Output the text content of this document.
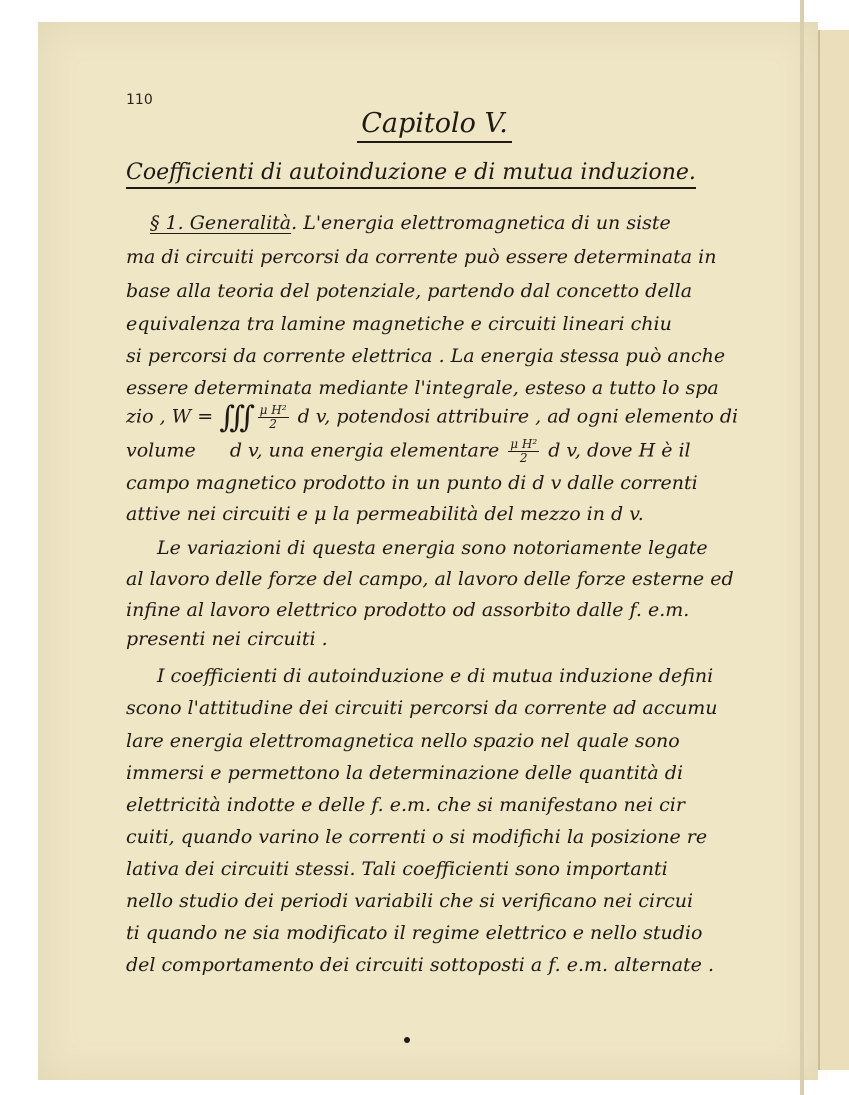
110
Capitolo V.
Coefficienti di autoinduzione e di mutua induzione.
§ 1. Generalità. L'energia elettromagnetica di un siste
ma di circuiti percorsi da corrente può essere determinata in
base alla teoria del potenziale, partendo dal concetto della
equivalenza tra lamine magnetiche e circuiti lineari chiu
si percorsi da corrente elettrica . La energia stessa può anche
essere determinata mediante l'integrale, esteso a tutto lo spa
zio , W = ∭ $\frac{\text{μ H²}}{2}$ d v, potendosi attribuire , ad ogni elemento di
volume d v, una energia elementare $\frac{\text{μ H²}}{2}$ d v, dove H è il
campo magnetico prodotto in un punto di d v dalle correnti
attive nei circuiti e μ la permeabilità del mezzo in d v.
Le variazioni di questa energia sono notoriamente legate
al lavoro delle forze del campo, al lavoro delle forze esterne ed
infine al lavoro elettrico prodotto od assorbito dalle f. e.m.
presenti nei circuiti .
I coefficienti di autoinduzione e di mutua induzione defini
scono l'attitudine dei circuiti percorsi da corrente ad accumu
lare energia elettromagnetica nello spazio nel quale sono
immersi e permettono la determinazione delle quantità di
elettricità indotte e delle f. e.m. che si manifestano nei cir
cuiti, quando varino le correnti o si modifichi la posizione re
lativa dei circuiti stessi. Tali coefficienti sono importanti
nello studio dei periodi variabili che si verificano nei circui
ti quando ne sia modificato il regime elettrico e nello studio
del comportamento dei circuiti sottoposti a f. e.m. alternate .
